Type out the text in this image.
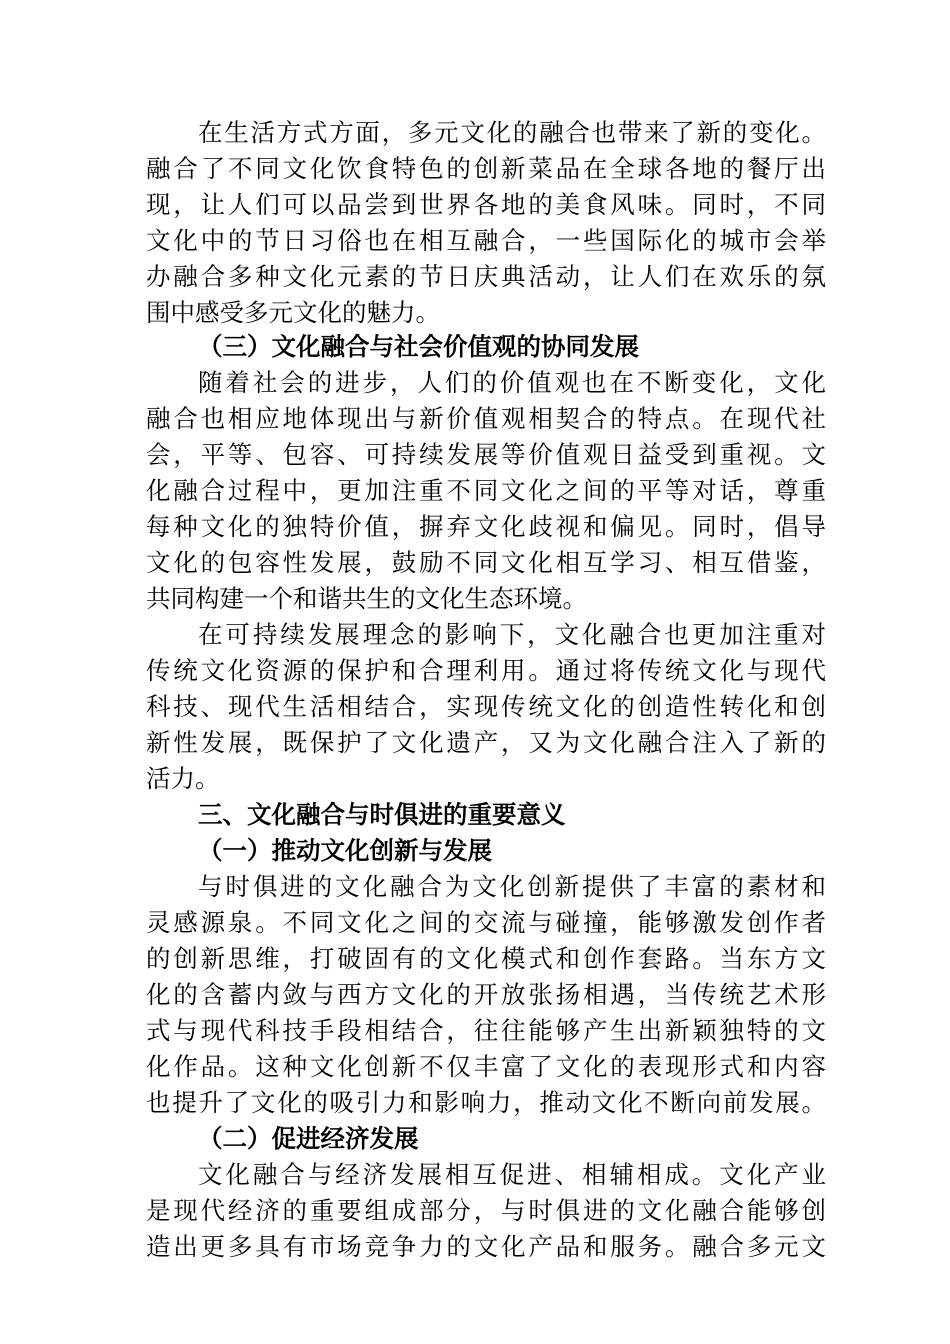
在生活方式方面，多元文化的融合也带来了新的变化。
融合了不同文化饮食特色的创新菜品在全球各地的餐厅出
现，让人们可以品尝到世界各地的美食风味。同时，不同
文化中的节日习俗也在相互融合，一些国际化的城市会举
办融合多种文化元素的节日庆典活动，让人们在欢乐的氛
围中感受多元文化的魅力。
（三）文化融合与社会价值观的协同发展
随着社会的进步，人们的价值观也在不断变化，文化
融合也相应地体现出与新价值观相契合的特点。在现代社
会，平等、包容、可持续发展等价值观日益受到重视。文
化融合过程中，更加注重不同文化之间的平等对话，尊重
每种文化的独特价值，摒弃文化歧视和偏见。同时，倡导
文化的包容性发展，鼓励不同文化相互学习、相互借鉴，
共同构建一个和谐共生的文化生态环境。
在可持续发展理念的影响下，文化融合也更加注重对
传统文化资源的保护和合理利用。通过将传统文化与现代
科技、现代生活相结合，实现传统文化的创造性转化和创
新性发展，既保护了文化遗产，又为文化融合注入了新的
活力。
三、文化融合与时俱进的重要意义
（一）推动文化创新与发展
与时俱进的文化融合为文化创新提供了丰富的素材和
灵感源泉。不同文化之间的交流与碰撞，能够激发创作者
的创新思维，打破固有的文化模式和创作套路。当东方文
化的含蓄内敛与西方文化的开放张扬相遇，当传统艺术形
式与现代科技手段相结合，往往能够产生出新颖独特的文
化作品。这种文化创新不仅丰富了文化的表现形式和内容
也提升了文化的吸引力和影响力，推动文化不断向前发展。
（二）促进经济发展
文化融合与经济发展相互促进、相辅相成。文化产业
是现代经济的重要组成部分，与时俱进的文化融合能够创
造出更多具有市场竞争力的文化产品和服务。融合多元文
